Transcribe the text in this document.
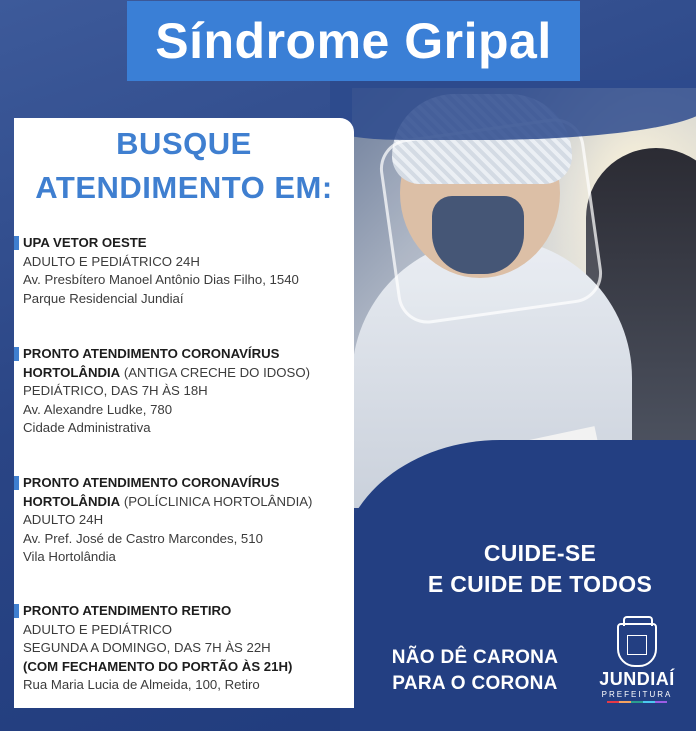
Síndrome Gripal
BUSQUE
ATENDIMENTO EM:
UPA VETOR OESTE
ADULTO E PEDIÁTRICO 24H
Av. Presbítero Manoel Antônio Dias Filho, 1540
Parque Residencial Jundiaí
PRONTO ATENDIMENTO CORONAVÍRUS
HORTOLÂNDIA (ANTIGA CRECHE DO IDOSO)
PEDIÁTRICO, DAS 7H ÀS 18H
Av. Alexandre Ludke, 780
Cidade Administrativa
PRONTO ATENDIMENTO CORONAVÍRUS
HORTOLÂNDIA (POLÍCLINICA HORTOLÂNDIA)
ADULTO 24H
Av. Pref. José de Castro Marcondes, 510
Vila Hortolândia
PRONTO ATENDIMENTO RETIRO
ADULTO E PEDIÁTRICO
SEGUNDA A DOMINGO, DAS 7H ÀS 22H
(COM FECHAMENTO DO PORTÃO ÀS 21H)
Rua Maria Lucia de Almeida, 100, Retiro
CUIDE-SE
E CUIDE DE TODOS
NÃO DÊ CARONA
PARA O CORONA	JUNDIAÍ
PREFEITURA
